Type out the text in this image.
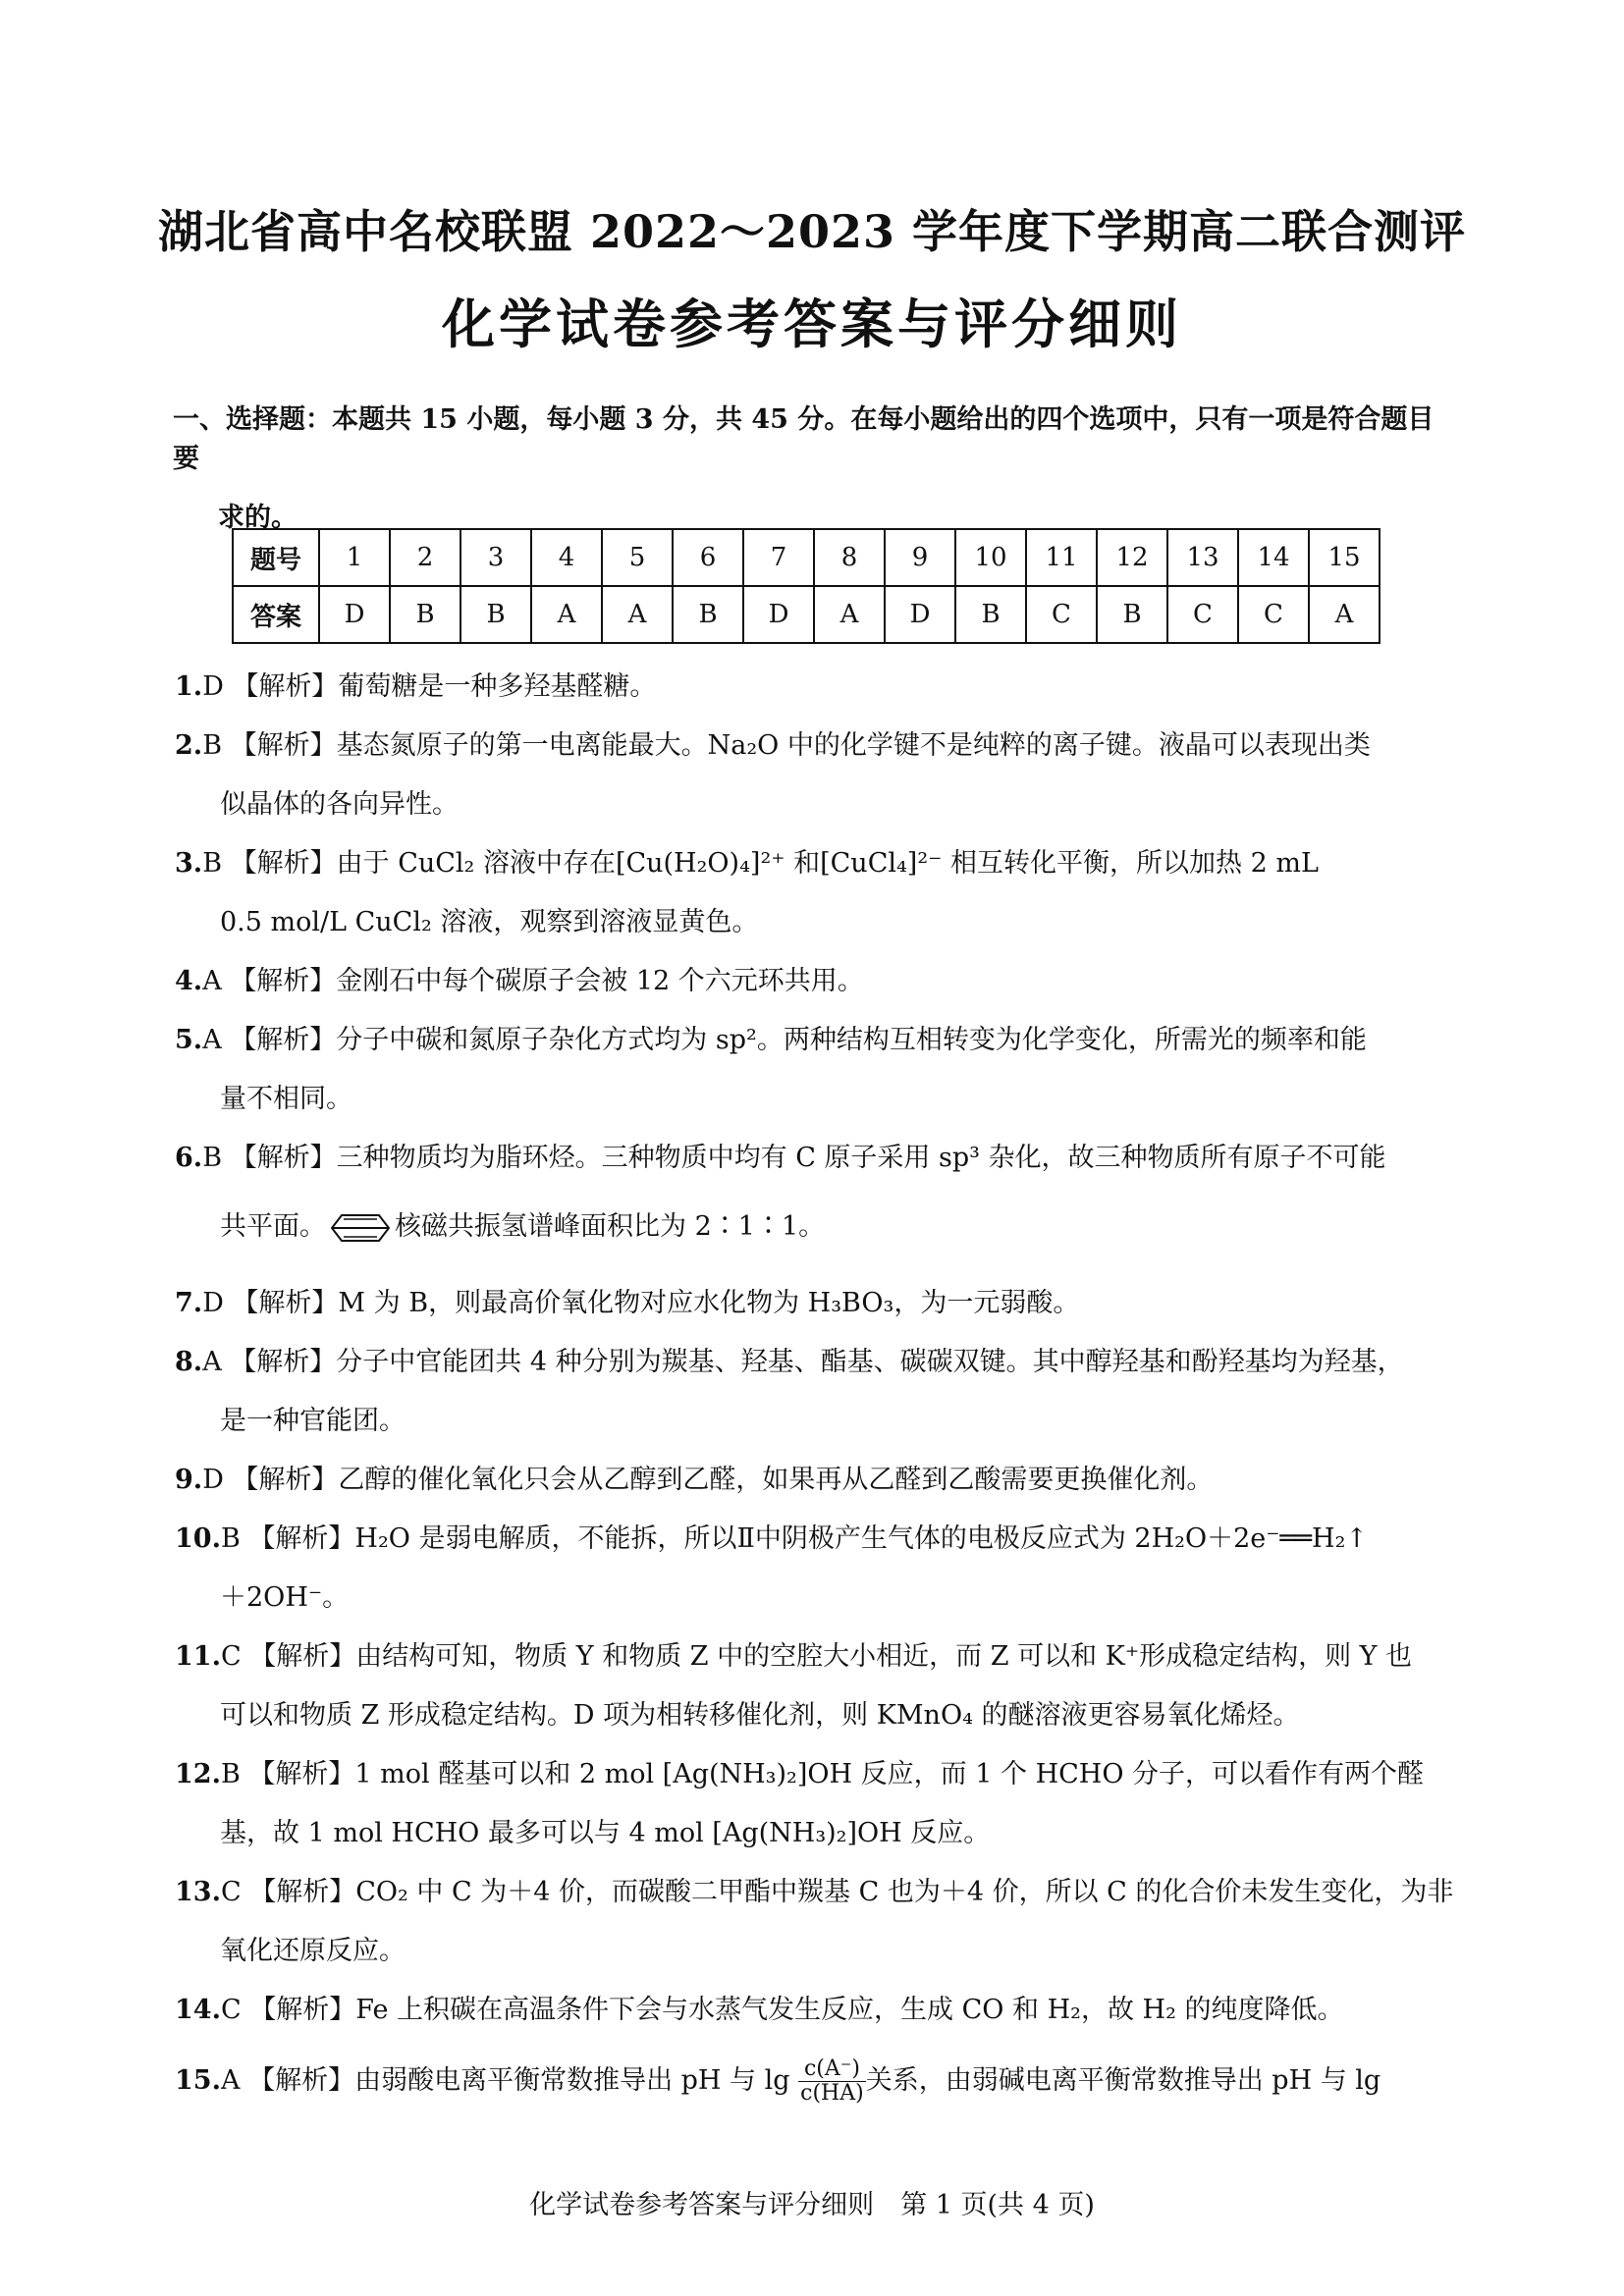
湖北省高中名校联盟 2022～2023 学年度下学期高二联合测评
化学试卷参考答案与评分细则
一、选择题：本题共 15 小题，每小题 3 分，共 45 分。在每小题给出的四个选项中，只有一项是符合题目要
求的。
题号	1	2	3	4	5	6	7	8	9	10	11	12	13	14	15
答案	D	B	B	A	A	B	D	A	D	B	C	B	C	C	A
1.D 【解析】葡萄糖是一种多羟基醛糖。
2.B 【解析】基态氮原子的第一电离能最大。Na₂O 中的化学键不是纯粹的离子键。液晶可以表现出类
似晶体的各向异性。
3.B 【解析】由于 CuCl₂ 溶液中存在[Cu(H₂O)₄]²⁺ 和[CuCl₄]²⁻ 相互转化平衡，所以加热 2 mL
0.5 mol/L CuCl₂ 溶液，观察到溶液显黄色。
4.A 【解析】金刚石中每个碳原子会被 12 个六元环共用。
5.A 【解析】分子中碳和氮原子杂化方式均为 sp²。两种结构互相转变为化学变化，所需光的频率和能
量不相同。
6.B 【解析】三种物质均为脂环烃。三种物质中均有 C 原子采用 sp³ 杂化，故三种物质所有原子不可能
共平面。	核磁共振氢谱峰面积比为 2∶1∶1。
7.D 【解析】M 为 B，则最高价氧化物对应水化物为 H₃BO₃，为一元弱酸。
8.A 【解析】分子中官能团共 4 种分别为羰基、羟基、酯基、碳碳双键。其中醇羟基和酚羟基均为羟基，
是一种官能团。
9.D 【解析】乙醇的催化氧化只会从乙醇到乙醛，如果再从乙醛到乙酸需要更换催化剂。
10.B 【解析】H₂O 是弱电解质，不能拆，所以Ⅱ中阴极产生气体的电极反应式为 2H₂O＋2e⁻══H₂↑
＋2OH⁻。
11.C 【解析】由结构可知，物质 Y 和物质 Z 中的空腔大小相近，而 Z 可以和 K⁺形成稳定结构，则 Y 也
可以和物质 Z 形成稳定结构。D 项为相转移催化剂，则 KMnO₄ 的醚溶液更容易氧化烯烃。
12.B 【解析】1 mol 醛基可以和 2 mol [Ag(NH₃)₂]OH 反应，而 1 个 HCHO 分子，可以看作有两个醛
基，故 1 mol HCHO 最多可以与 4 mol [Ag(NH₃)₂]OH 反应。
13.C 【解析】CO₂ 中 C 为＋4 价，而碳酸二甲酯中羰基 C 也为＋4 价，所以 C 的化合价未发生变化，为非
氧化还原反应。
14.C 【解析】Fe 上积碳在高温条件下会与水蒸气发生反应，生成 CO 和 H₂，故 H₂ 的纯度降低。
15.A 【解析】由弱酸电离平衡常数推导出 pH 与 $\lg \frac{c(A^-)}{c(HA)}$ 关系，由弱碱电离平衡常数推导出 pH 与 lg
化学试卷参考答案与评分细则　第 1 页(共 4 页)
